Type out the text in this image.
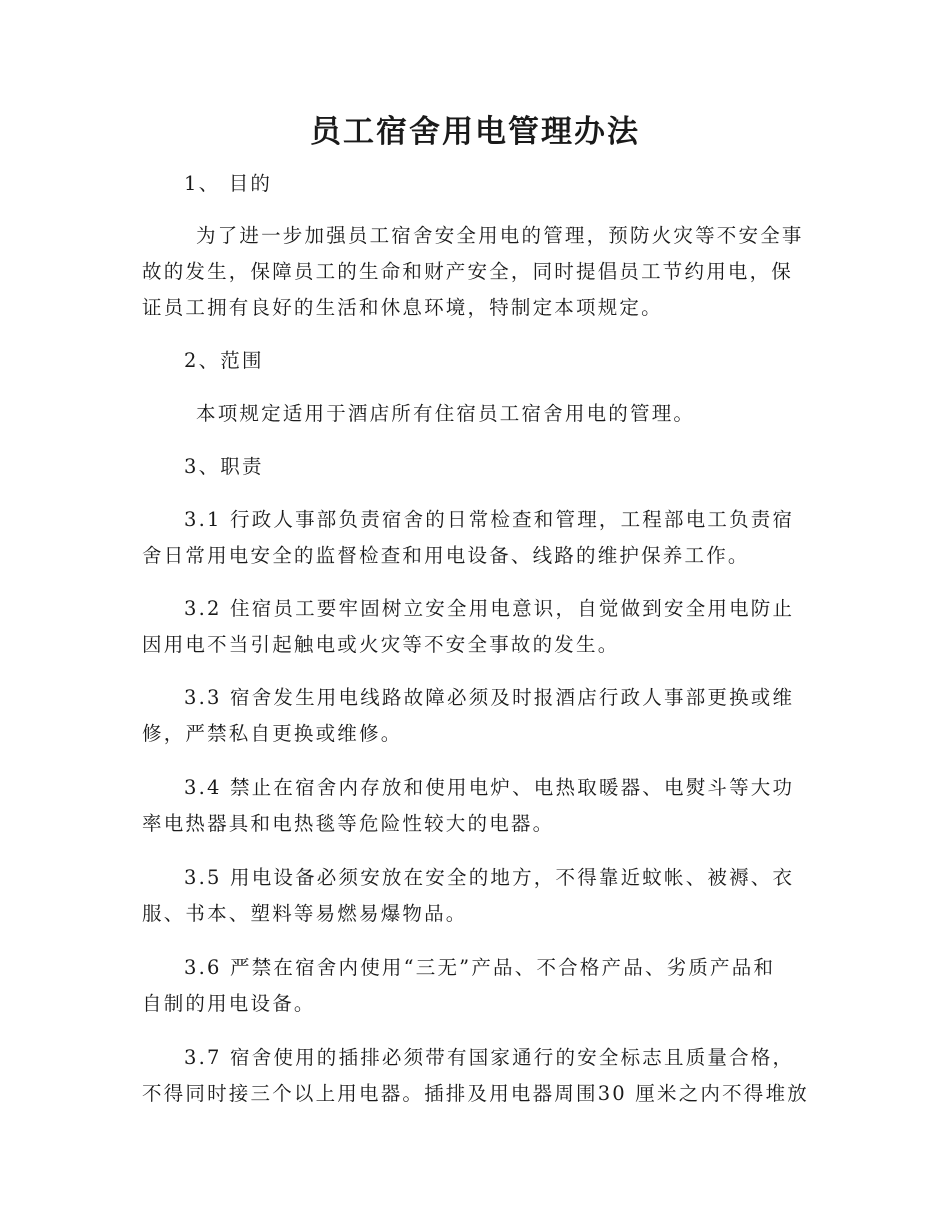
员工宿舍用电管理办法
1、 目的
为了进一步加强员工宿舍安全用电的管理，预防火灾等不安全事
故的发生，保障员工的生命和财产安全，同时提倡员工节约用电，保
证员工拥有良好的生活和休息环境，特制定本项规定。
2、范围
本项规定适用于酒店所有住宿员工宿舍用电的管理。
3、职责
3.1 行政人事部负责宿舍的日常检查和管理，工程部电工负责宿
舍日常用电安全的监督检查和用电设备、线路的维护保养工作。
3.2 住宿员工要牢固树立安全用电意识，自觉做到安全用电防止
因用电不当引起触电或火灾等不安全事故的发生。
3.3 宿舍发生用电线路故障必须及时报酒店行政人事部更换或维
修，严禁私自更换或维修。
3.4 禁止在宿舍内存放和使用电炉、电热取暖器、电熨斗等大功
率电热器具和电热毯等危险性较大的电器。
3.5 用电设备必须安放在安全的地方，不得靠近蚊帐、被褥、衣
服、书本、塑料等易燃易爆物品。
3.6 严禁在宿舍内使用“三无”产品、不合格产品、劣质产品和
自制的用电设备。
3.7 宿舍使用的插排必须带有国家通行的安全标志且质量合格，
不得同时接三个以上用电器。插排及用电器周围30 厘米之内不得堆放
